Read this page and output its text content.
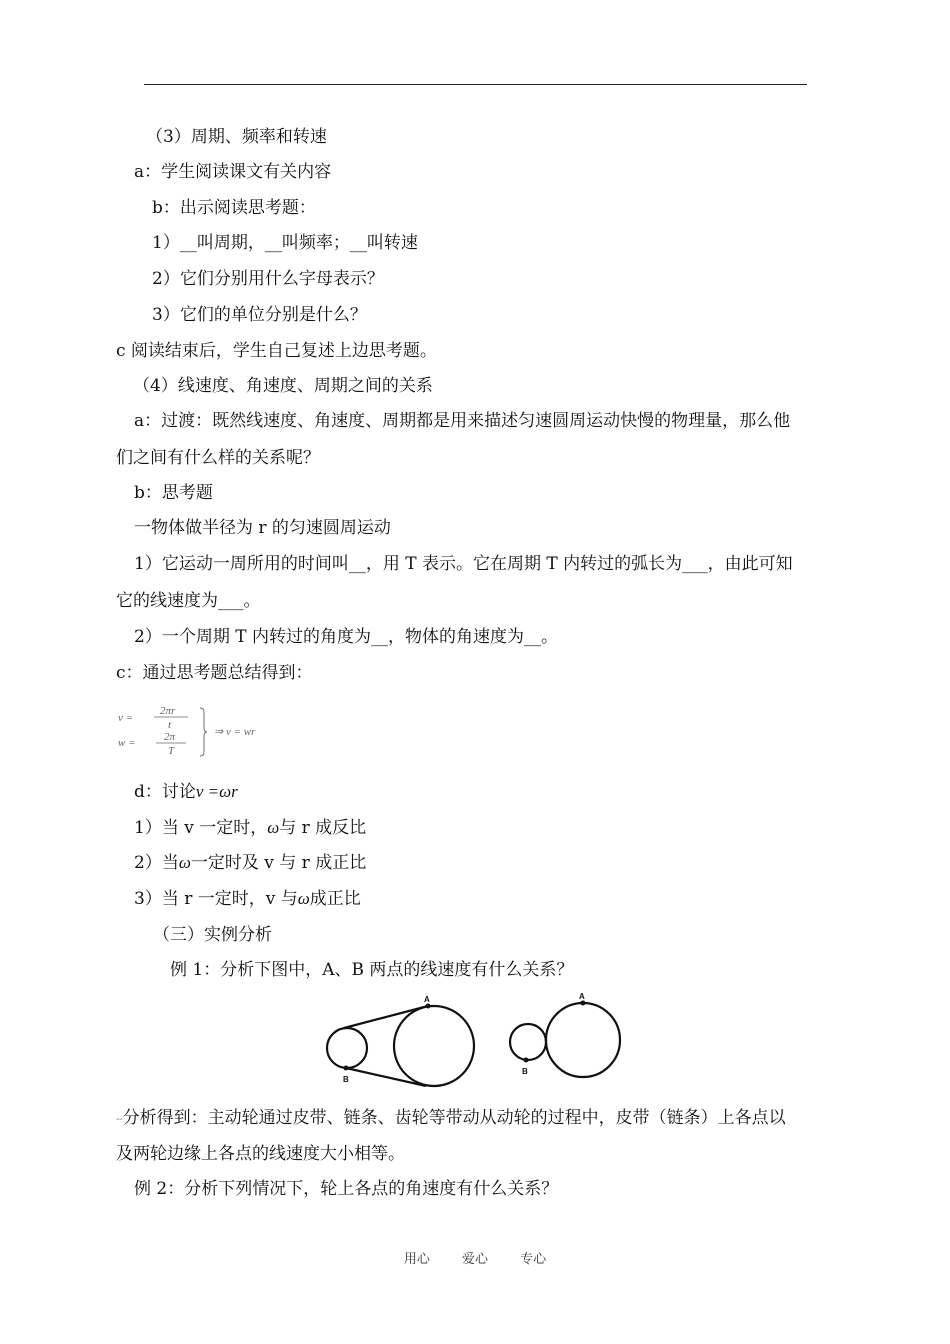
（3）周期、频率和转速
a：学生阅读课文有关内容
b：出示阅读思考题：
1）__叫周期，__叫频率；__叫转速
2）它们分别用什么字母表示？
3）它们的单位分别是什么？
c 阅读结束后，学生自己复述上边思考题。
（4）线速度、角速度、周期之间的关系
a：过渡：既然线速度、角速度、周期都是用来描述匀速圆周运动快慢的物理量，那么他
们之间有什么样的关系呢？
b：思考题
一物体做半径为 r 的匀速圆周运动
1）它运动一周所用的时间叫__，用 T 表示。它在周期 T 内转过的弧长为___，由此可知
它的线速度为___。
2）一个周期 T 内转过的角度为__，物体的角速度为__。
c：通过思考题总结得到：
v =
2πr
t
w =	2π
T
⇒ v = wr
d：讨论v =ωr
1）当 v 一定时，ω与 r 成反比
2）当ω一定时及 v 与 r 成正比
3）当 r 一定时，v 与ω成正比
（三）实例分析
例 1：分析下图中，A、B 两点的线速度有什么关系？
A
B
A
B
╌分析得到：主动轮通过皮带、链条、齿轮等带动从动轮的过程中，皮带（链条）上各点以
及两轮边缘上各点的线速度大小相等。
例 2：分析下列情况下，轮上各点的角速度有什么关系？
用心 爱心 专心
